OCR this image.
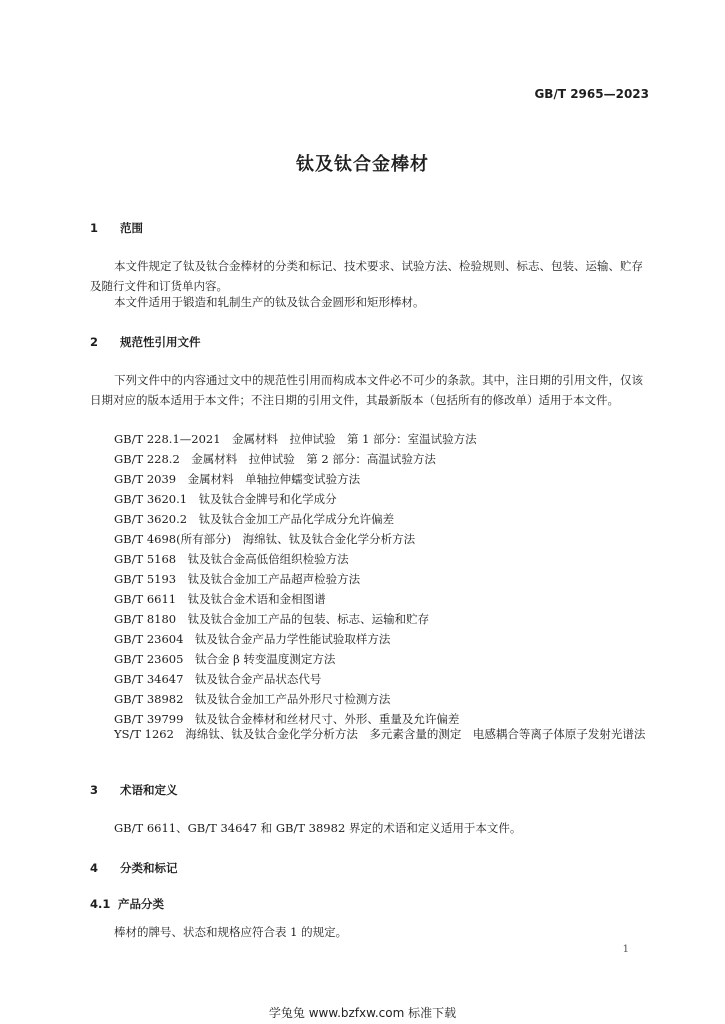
GB/T 2965—2023
钛及钛合金棒材
1 范围
本文件规定了钛及钛合金棒材的分类和标记、技术要求、试验方法、检验规则、标志、包装、运输、贮存及随行文件和订货单内容。
本文件适用于锻造和轧制生产的钛及钛合金圆形和矩形棒材。
2 规范性引用文件
下列文件中的内容通过文中的规范性引用而构成本文件必不可少的条款。其中，注日期的引用文件，仅该日期对应的版本适用于本文件；不注日期的引用文件，其最新版本（包括所有的修改单）适用于本文件。
GB/T 228.1—2021　金属材料　拉伸试验　第 1 部分：室温试验方法
GB/T 228.2　金属材料　拉伸试验　第 2 部分：高温试验方法
GB/T 2039　金属材料　单轴拉伸蠕变试验方法
GB/T 3620.1　钛及钛合金牌号和化学成分
GB/T 3620.2　钛及钛合金加工产品化学成分允许偏差
GB/T 4698(所有部分)　海绵钛、钛及钛合金化学分析方法
GB/T 5168　钛及钛合金高低倍组织检验方法
GB/T 5193　钛及钛合金加工产品超声检验方法
GB/T 6611　钛及钛合金术语和金相图谱
GB/T 8180　钛及钛合金加工产品的包装、标志、运输和贮存
GB/T 23604　钛及钛合金产品力学性能试验取样方法
GB/T 23605　钛合金 β 转变温度测定方法
GB/T 34647　钛及钛合金产品状态代号
GB/T 38982　钛及钛合金加工产品外形尺寸检测方法
GB/T 39799　钛及钛合金棒材和丝材尺寸、外形、重量及允许偏差
YS/T 1262　海绵钛、钛及钛合金化学分析方法　多元素含量的测定　电感耦合等离子体原子发射光谱法
3 术语和定义
GB/T 6611、GB/T 34647 和 GB/T 38982 界定的术语和定义适用于本文件。
4 分类和标记
4.1 产品分类
棒材的牌号、状态和规格应符合表 1 的规定。
1
学兔兔 www.bzfxw.com 标准下载
